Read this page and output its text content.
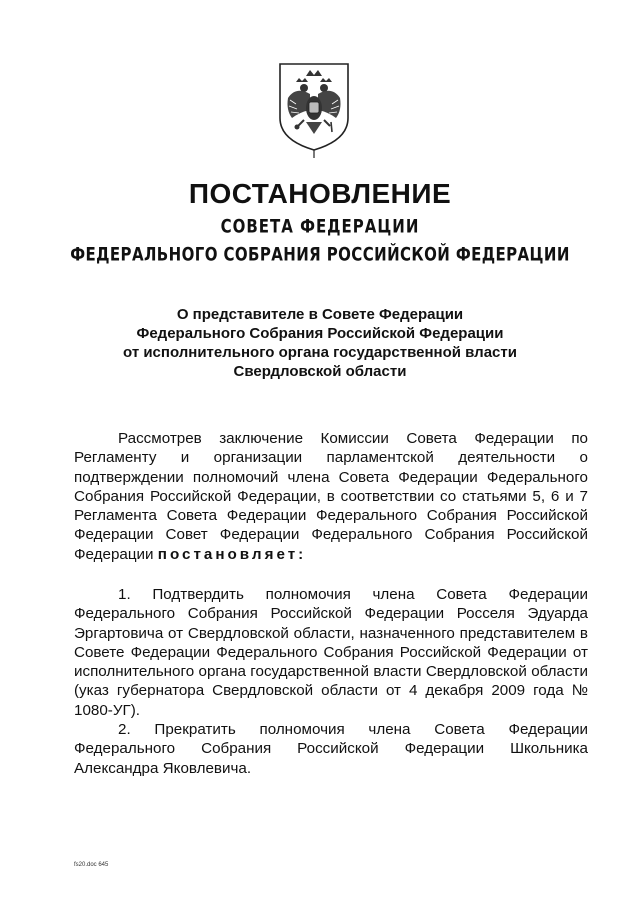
ПОСТАНОВЛЕНИЕ
СОВЕТА ФЕДЕРАЦИИ
ФЕДЕРАЛЬНОГО СОБРАНИЯ РОССИЙСКОЙ ФЕДЕРАЦИИ
О представителе в Совете Федерации
Федерального Собрания Российской Федерации
от исполнительного органа государственной власти
Свердловской области

Рассмотрев заключение Комиссии Совета Федерации по Регламенту и организации парламентской деятельности о подтверждении полномочий члена Совета Федерации Федерального Собрания Российской Федерации, в соответствии со статьями 5, 6 и 7 Регламента Совета Федерации Федерального Собрания Российской Федерации Совет Федерации Федерального Собрания Российской Федерации постановляет:

1. Подтвердить полномочия члена Совета Федерации Федерального Собрания Российской Федерации Росселя Эдуарда Эргартовича от Свердловской области, назначенного представителем в Совете Федерации Федерального Собрания Российской Федерации от исполнительного органа государственной власти Свердловской области (указ губернатора Свердловской области от 4 декабря 2009 года № 1080-УГ).

2. Прекратить полномочия члена Совета Федерации Федерального Собрания Российской Федерации Школьника Александра Яковлевича.

fs20.doc 645
